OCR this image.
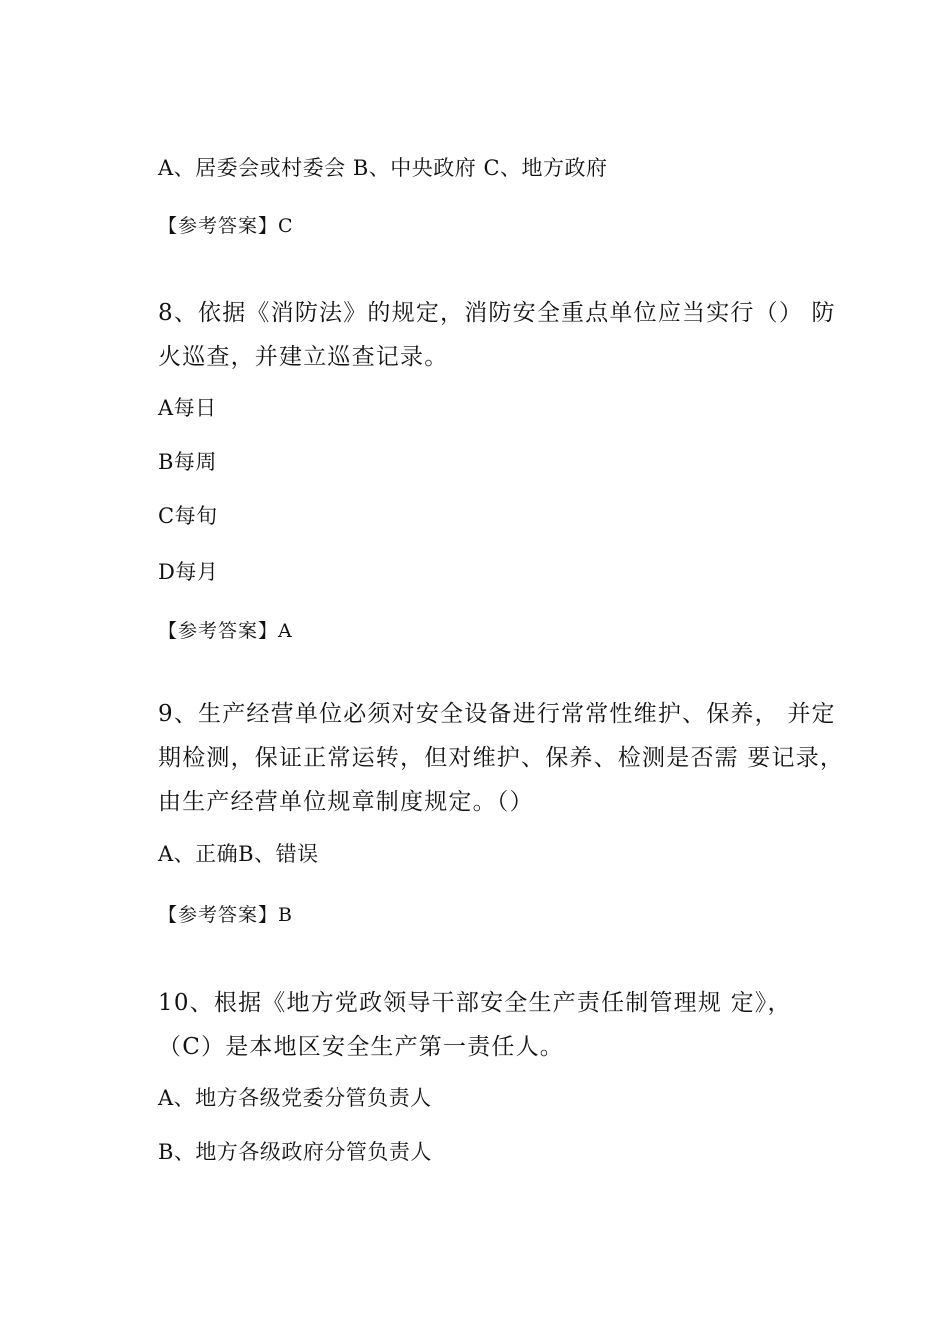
A、居委会或村委会 B、中央政府 C、地方政府

【参考答案】C

8、依据《消防法》的规定，消防安全重点单位应当实行（） 防

火巡查，并建立巡查记录。

A每日

B每周

C每旬

D每月

【参考答案】A

9、生产经营单位必须对安全设备进行常常性维护、保养， 并定

期检测，保证正常运转，但对维护、保养、检测是否需 要记录，

由生产经营单位规章制度规定。（）

A、正确B、错误

【参考答案】B

10、根据《地方党政领导干部安全生产责任制管理规 定》，

（C）是本地区安全生产第一责任人。

A、地方各级党委分管负责人

B、地方各级政府分管负责人
